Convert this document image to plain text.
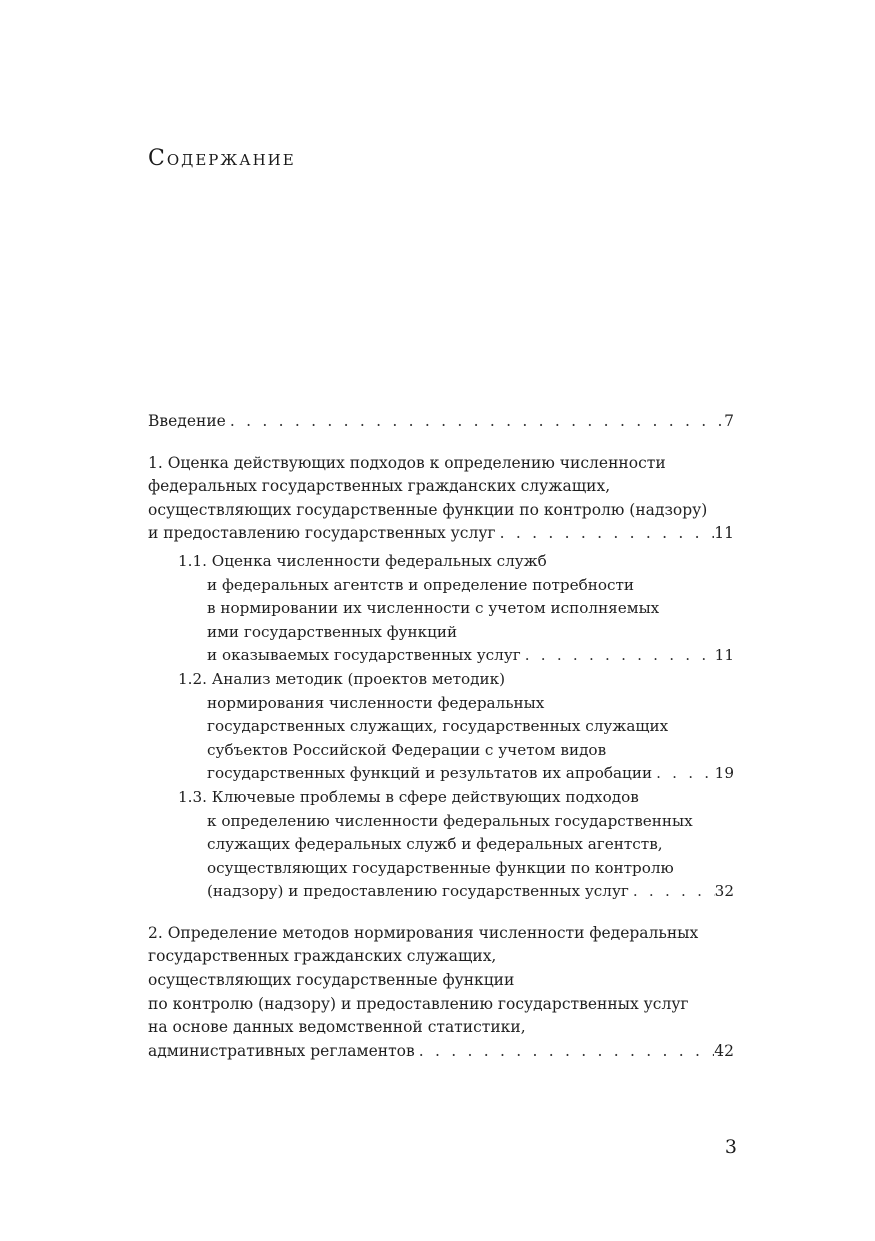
Содержание
Введение . . .	7
1. Оценка действующих подходов к определению численности
федеральных государственных гражданских служащих,
осуществляющих государственные функции по контролю (надзору)
и предоставлению государственных услуг . . .	11
1.1. Оценка численности федеральных служб
и федеральных агентств и определение потребности
в нормировании их численности с учетом исполняемых
ими государственных функций
и оказываемых государственных услуг . . .	11
1.2. Анализ методик (проектов методик)
нормирования численности федеральных
государственных служащих, государственных служащих
субъектов Российской Федерации с учетом видов
государственных функций и результатов их апробации . . .	19
1.3. Ключевые проблемы в сфере действующих подходов
к определению численности федеральных государственных
служащих федеральных служб и федеральных агентств,
осуществляющих государственные функции по контролю
(надзору) и предоставлению государственных услуг . . .	32
2. Определение методов нормирования численности федеральных
государственных гражданских служащих,
осуществляющих государственные функции
по контролю (надзору) и предоставлению государственных услуг
на основе данных ведомственной статистики,
административных регламентов . . .	42
3
